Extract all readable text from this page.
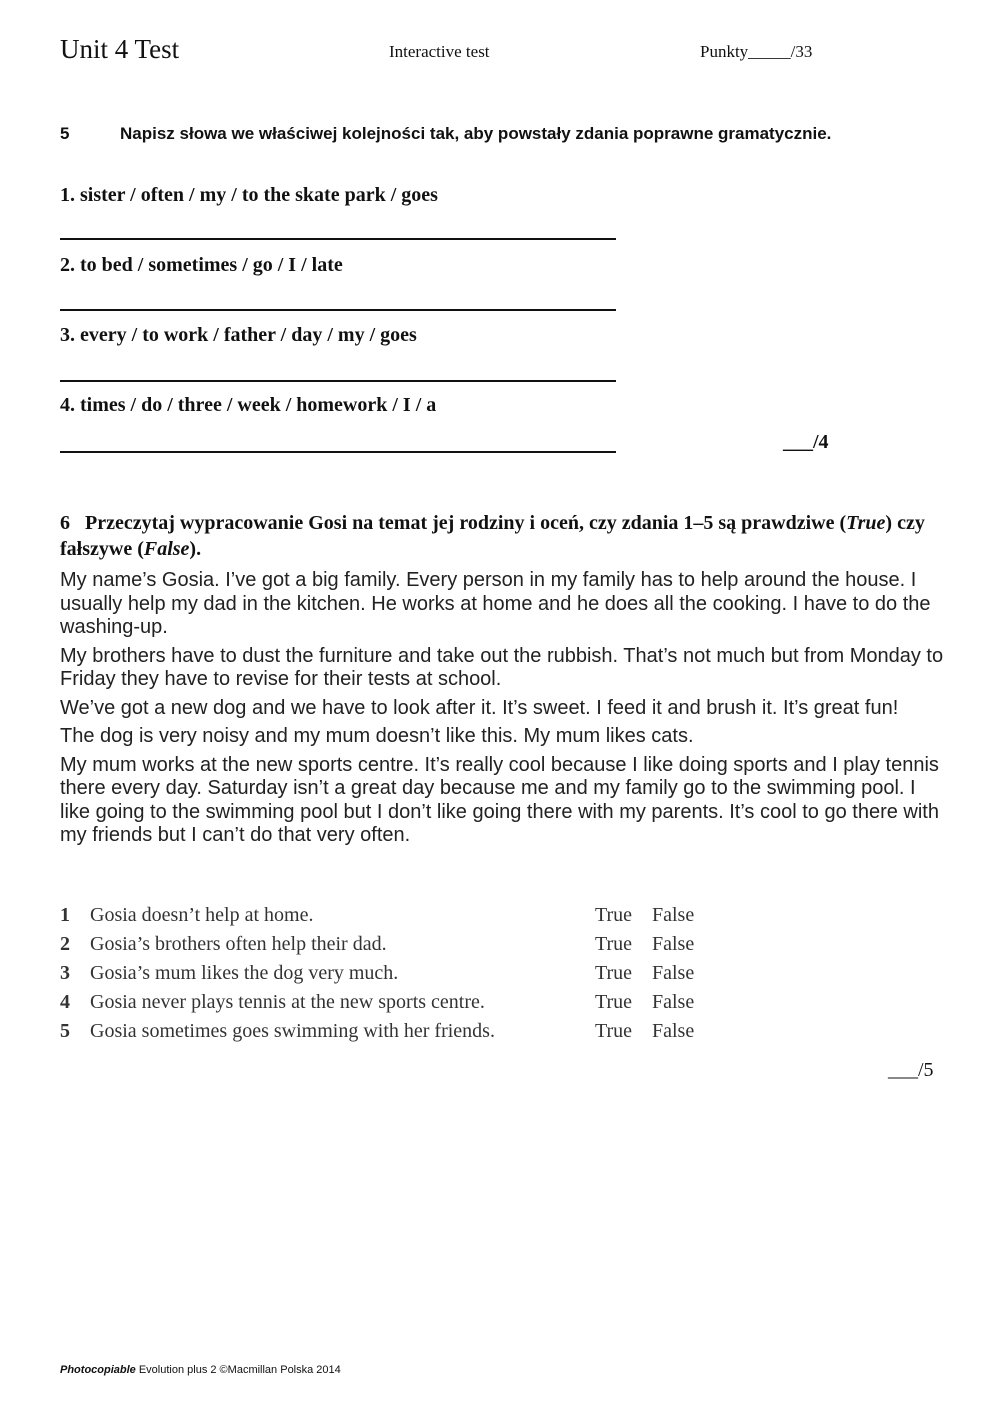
Unit 4 Test	Interactive test	Punkty_____/33
5	Napisz słowa we właściwej kolejności tak, aby powstały zdania poprawne gramatycznie.
1. sister / often / my / to the skate park / goes
2. to bed / sometimes / go / I / late
3. every / to work / father / day / my / goes
4. times / do / three / week / homework / I / a
___/4
6 Przeczytaj wypracowanie Gosi na temat jej rodziny i oceń, czy zdania 1–5 są prawdziwe (True) czy fałszywe (False).

My name’s Gosia. I’ve got a big family. Every person in my family has to help around the house. I usually help my dad in the kitchen. He works at home and he does all the cooking. I have to do the washing-up.

My brothers have to dust the furniture and take out the rubbish. That’s not much but from Monday to Friday they have to revise for their tests at school.

We’ve got a new dog and we have to look after it. It’s sweet. I feed it and brush it. It’s great fun!

The dog is very noisy and my mum doesn’t like this. My mum likes cats.

My mum works at the new sports centre. It’s really cool because I like doing sports and I play tennis there every day. Saturday isn’t a great day because me and my family go to the swimming pool. I like going to the swimming pool but I don’t like going there with my parents. It’s cool to go there with my friends but I can’t do that very often.

1 Gosia doesn’t help at home.	True False
2 Gosia’s brothers often help their dad.	True False
3 Gosia’s mum likes the dog very much.	True False
4 Gosia never plays tennis at the new sports centre.	True False
5 Gosia sometimes goes swimming with her friends.	True False
___/5
Photocopiable Evolution plus 2 ©Macmillan Polska 2014
